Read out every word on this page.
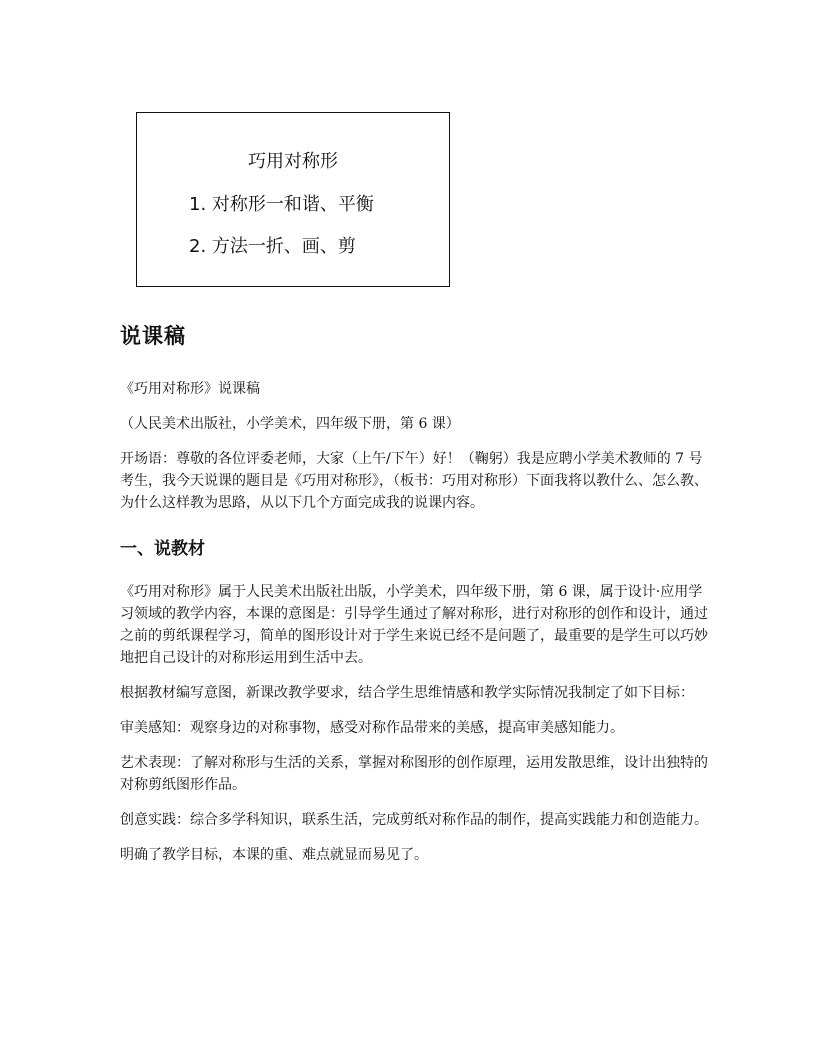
巧用对称形
1. 对称形一和谐、平衡
2. 方法一折、画、剪
说课稿

《巧用对称形》说课稿

（人民美术出版社，小学美术，四年级下册，第 6 课）

开场语：尊敬的各位评委老师，大家（上午/下午）好！（鞠躬）我是应聘小学美术教师的 7 号考生，我今天说课的题目是《巧用对称形》，（板书：巧用对称形）下面我将以教什么、怎么教、为什么这样教为思路，从以下几个方面完成我的说课内容。

一、说教材

《巧用对称形》属于人民美术出版社出版，小学美术，四年级下册，第 6 课，属于设计·应用学习领域的教学内容，本课的意图是：引导学生通过了解对称形，进行对称形的创作和设计，通过之前的剪纸课程学习，简单的图形设计对于学生来说已经不是问题了，最重要的是学生可以巧妙地把自己设计的对称形运用到生活中去。

根据教材编写意图，新课改教学要求，结合学生思维情感和教学实际情况我制定了如下目标：

审美感知：观察身边的对称事物，感受对称作品带来的美感，提高审美感知能力。

艺术表现：了解对称形与生活的关系，掌握对称图形的创作原理，运用发散思维，设计出独特的对称剪纸图形作品。

创意实践：综合多学科知识，联系生活，完成剪纸对称作品的制作，提高实践能力和创造能力。

明确了教学目标，本课的重、难点就显而易见了。
